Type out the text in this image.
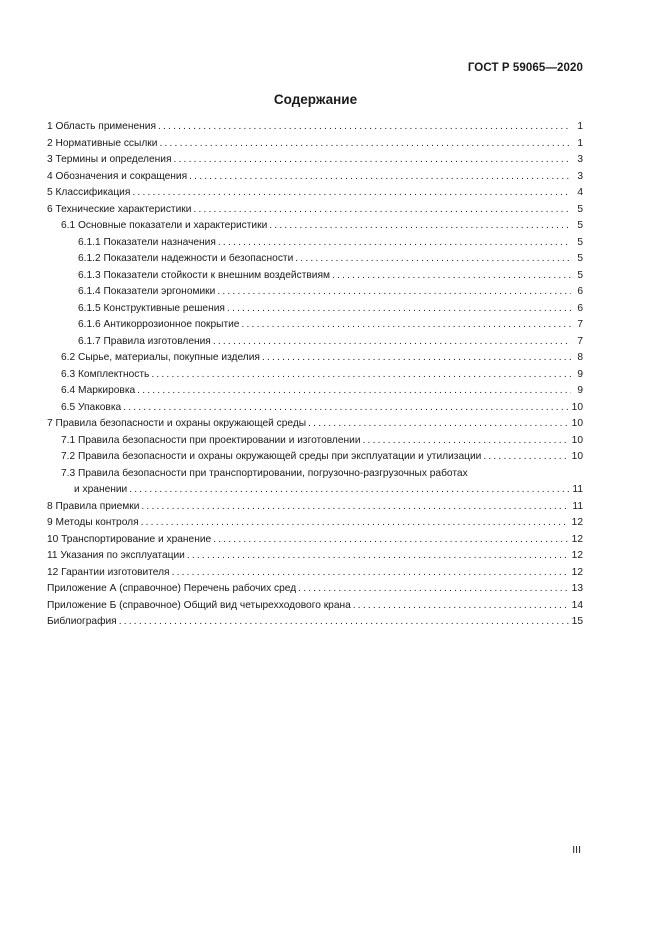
ГОСТ Р 59065—2020
Содержание
1 Область применения .....	1
2 Нормативные ссылки .....	1
3 Термины и определения .....	3
4 Обозначения и сокращения .....	3
5 Классификация .....	4
6 Технические характеристики .....	5
6.1 Основные показатели и характеристики .....	5
6.1.1 Показатели назначения .....	5
6.1.2 Показатели надежности и безопасности .....	5
6.1.3 Показатели стойкости к внешним воздействиям .....	5
6.1.4 Показатели эргономики .....	6
6.1.5 Конструктивные решения .....	6
6.1.6 Антикоррозионное покрытие .....	7
6.1.7 Правила изготовления .....	7
6.2 Сырье, материалы, покупные изделия .....	8
6.3 Комплектность .....	9
6.4 Маркировка .....	9
6.5 Упаковка .....	10
7 Правила безопасности и охраны окружающей среды .....	10
7.1 Правила безопасности при проектировании и изготовлении .....	10
7.2 Правила безопасности и охраны окружающей среды при эксплуатации и утилизации .....	10
7.3 Правила безопасности при транспортировании, погрузочно-разгрузочных работах
и хранении .....	11
8 Правила приемки .....	11
9 Методы контроля .....	12
10 Транспортирование и хранение .....	12
11 Указания по эксплуатации .....	12
12 Гарантии изготовителя .....	12
Приложение А (справочное) Перечень рабочих сред .....	13
Приложение Б (справочное) Общий вид четырехходового крана .....	14
Библиография .....	15
III
